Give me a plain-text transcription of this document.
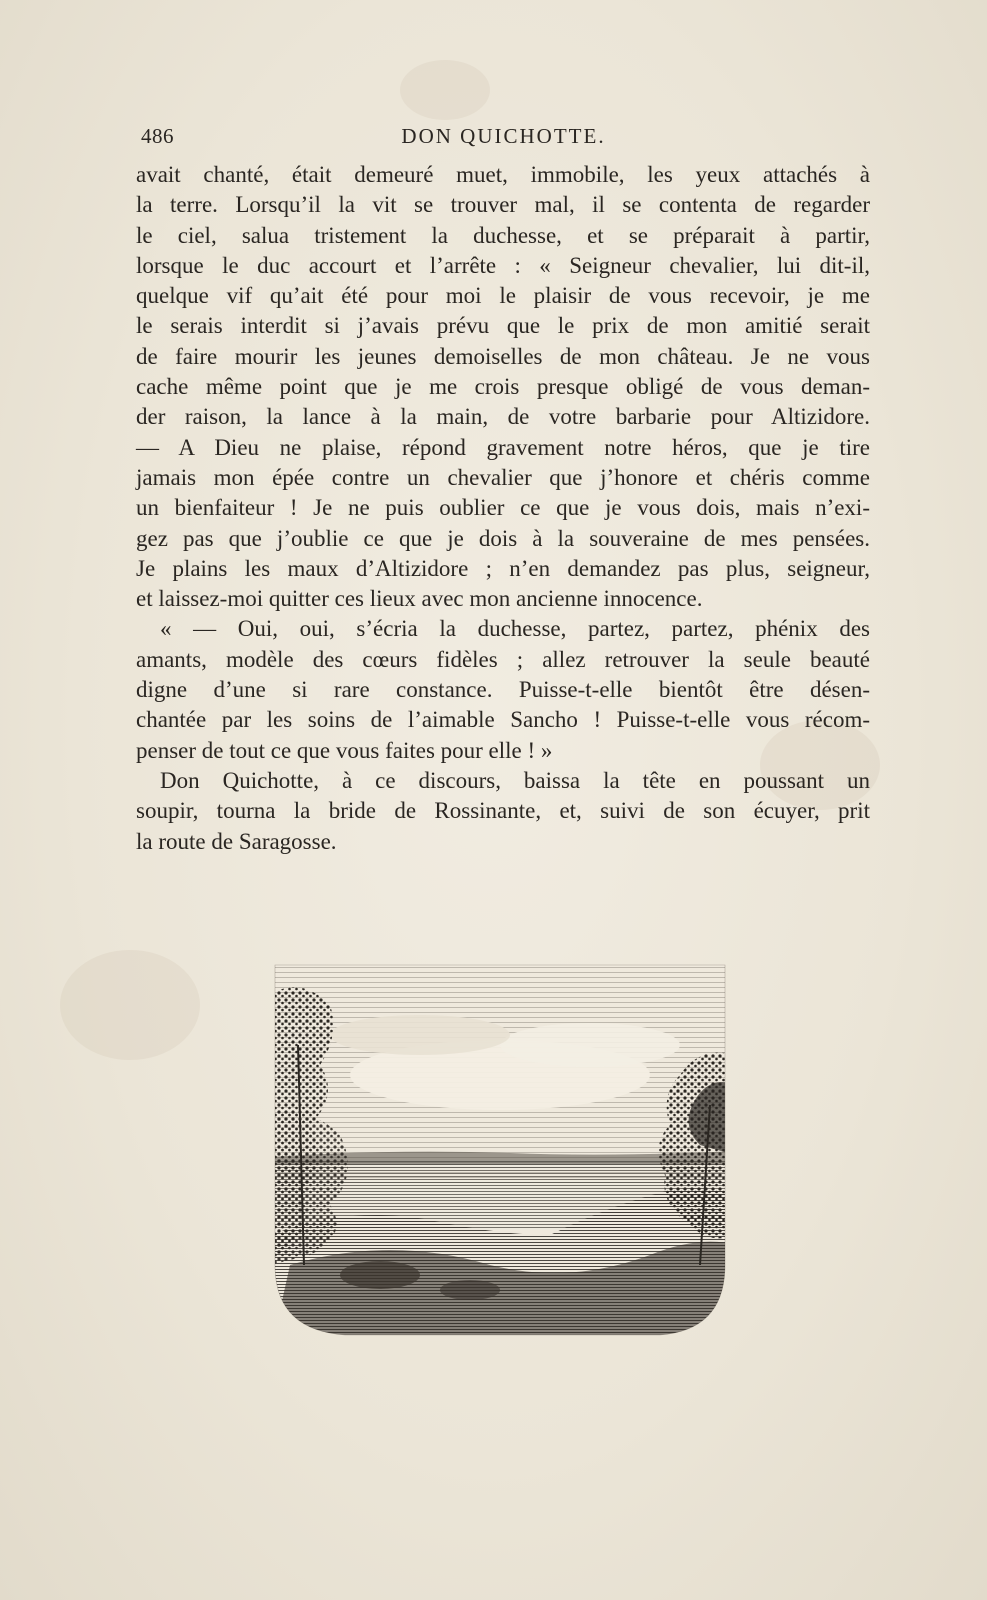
486	DON QUICHOTTE.
avait chanté, était demeuré muet, immobile, les yeux attachés à
la terre. Lorsqu’il la vit se trouver mal, il se contenta de regarder
le ciel, salua tristement la duchesse, et se préparait à partir,
lorsque le duc accourt et l’arrête : « Seigneur chevalier, lui dit-il,
quelque vif qu’ait été pour moi le plaisir de vous recevoir, je me
le serais interdit si j’avais prévu que le prix de mon amitié serait
de faire mourir les jeunes demoiselles de mon château. Je ne vous
cache même point que je me crois presque obligé de vous deman-
der raison, la lance à la main, de votre barbarie pour Altizidore.
— A Dieu ne plaise, répond gravement notre héros, que je tire
jamais mon épée contre un chevalier que j’honore et chéris comme
un bienfaiteur ! Je ne puis oublier ce que je vous dois, mais n’exi-
gez pas que j’oublie ce que je dois à la souveraine de mes pensées.
Je plains les maux d’Altizidore ; n’en demandez pas plus, seigneur,
et laissez-moi quitter ces lieux avec mon ancienne innocence.
« — Oui, oui, s’écria la duchesse, partez, partez, phénix des
amants, modèle des cœurs fidèles ; allez retrouver la seule beauté
digne d’une si rare constance. Puisse-t-elle bientôt être désen-
chantée par les soins de l’aimable Sancho ! Puisse-t-elle vous récom-
penser de tout ce que vous faites pour elle ! »
Don Quichotte, à ce discours, baissa la tête en poussant un
soupir, tourna la bride de Rossinante, et, suivi de son écuyer, prit
la route de Saragosse.
